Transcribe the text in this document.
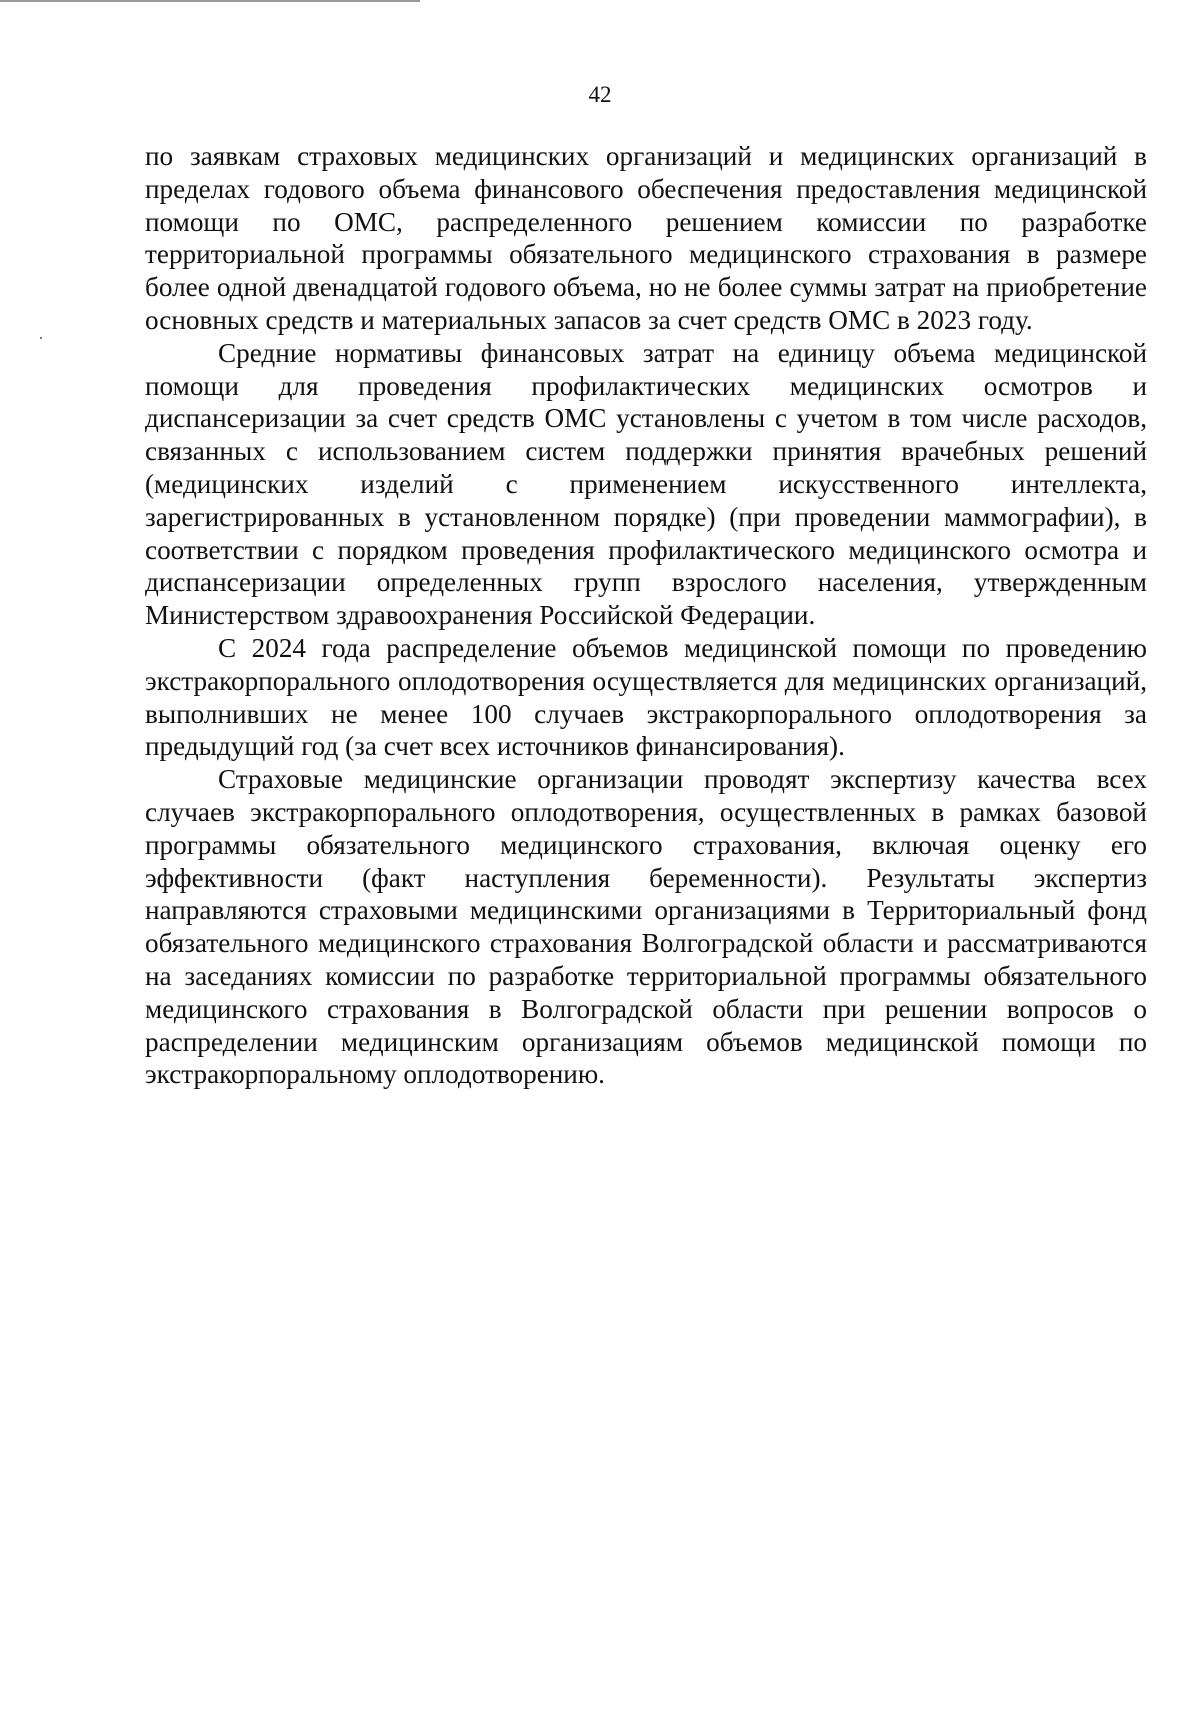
42

по заявкам страховых медицинских организаций и медицинских организаций в пределах годового объема финансового обеспечения предоставления медицинской помощи по ОМС, распределенного решением комиссии по разработке территориальной программы обязательного медицинского страхования в размере более одной двенадцатой годового объема, но не более суммы затрат на приобретение основных средств и материальных запасов за счет средств ОМС в 2023 году.

Средние нормативы финансовых затрат на единицу объема медицинской помощи для проведения профилактических медицинских осмотров и диспансеризации за счет средств ОМС установлены с учетом в том числе расходов, связанных с использованием систем поддержки принятия врачебных решений (медицинских изделий с применением искусственного интеллекта, зарегистрированных в установленном порядке) (при проведении маммографии), в соответствии с порядком проведения профилактического медицинского осмотра и диспансеризации определенных групп взрослого населения, утвержденным Министерством здравоохранения Российской Федерации.

С 2024 года распределение объемов медицинской помощи по проведению экстракорпорального оплодотворения осуществляется для медицинских организаций, выполнивших не менее 100 случаев экстракорпорального оплодотворения за предыдущий год (за счет всех источников финансирования).

Страховые медицинские организации проводят экспертизу качества всех случаев экстракорпорального оплодотворения, осуществленных в рамках базовой программы обязательного медицинского страхования, включая оценку его эффективности (факт наступления беременности). Результаты экспертиз направляются страховыми медицинскими организациями в Территориальный фонд обязательного медицинского страхования Волгоградской области и рассматриваются на заседаниях комиссии по разработке территориальной программы обязательного медицинского страхования в Волгоградской области при решении вопросов о распределении медицинским организациям объемов медицинской помощи по экстракорпоральному оплодотворению.
